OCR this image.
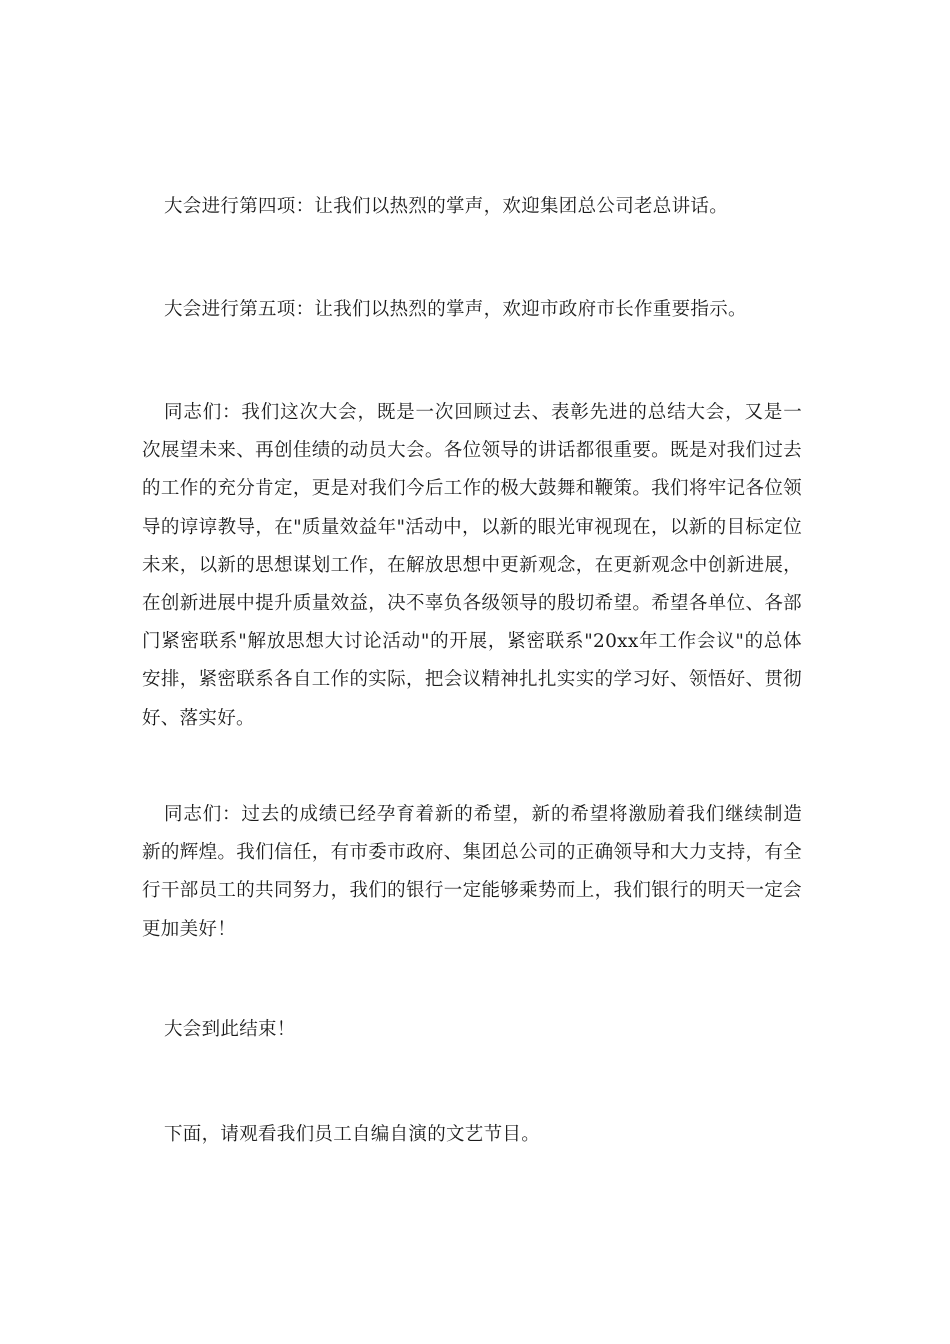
大会进行第四项：让我们以热烈的掌声，欢迎集团总公司老总讲话。

大会进行第五项：让我们以热烈的掌声，欢迎市政府市长作重要指示。

同志们：我们这次大会，既是一次回顾过去、表彰先进的总结大会，又是一次展望未来、再创佳绩的动员大会。各位领导的讲话都很重要。既是对我们过去的工作的充分肯定，更是对我们今后工作的极大鼓舞和鞭策。我们将牢记各位领导的谆谆教导，在"质量效益年"活动中，以新的眼光审视现在，以新的目标定位未来，以新的思想谋划工作，在解放思想中更新观念，在更新观念中创新进展，在创新进展中提升质量效益，决不辜负各级领导的殷切希望。希望各单位、各部门紧密联系"解放思想大讨论活动"的开展，紧密联系"20xx年工作会议"的总体安排，紧密联系各自工作的实际，把会议精神扎扎实实的学习好、领悟好、贯彻好、落实好。

同志们：过去的成绩已经孕育着新的希望，新的希望将激励着我们继续制造新的辉煌。我们信任，有市委市政府、集团总公司的正确领导和大力支持，有全行干部员工的共同努力，我们的银行一定能够乘势而上，我们银行的明天一定会更加美好！

大会到此结束！

下面，请观看我们员工自编自演的文艺节目。
